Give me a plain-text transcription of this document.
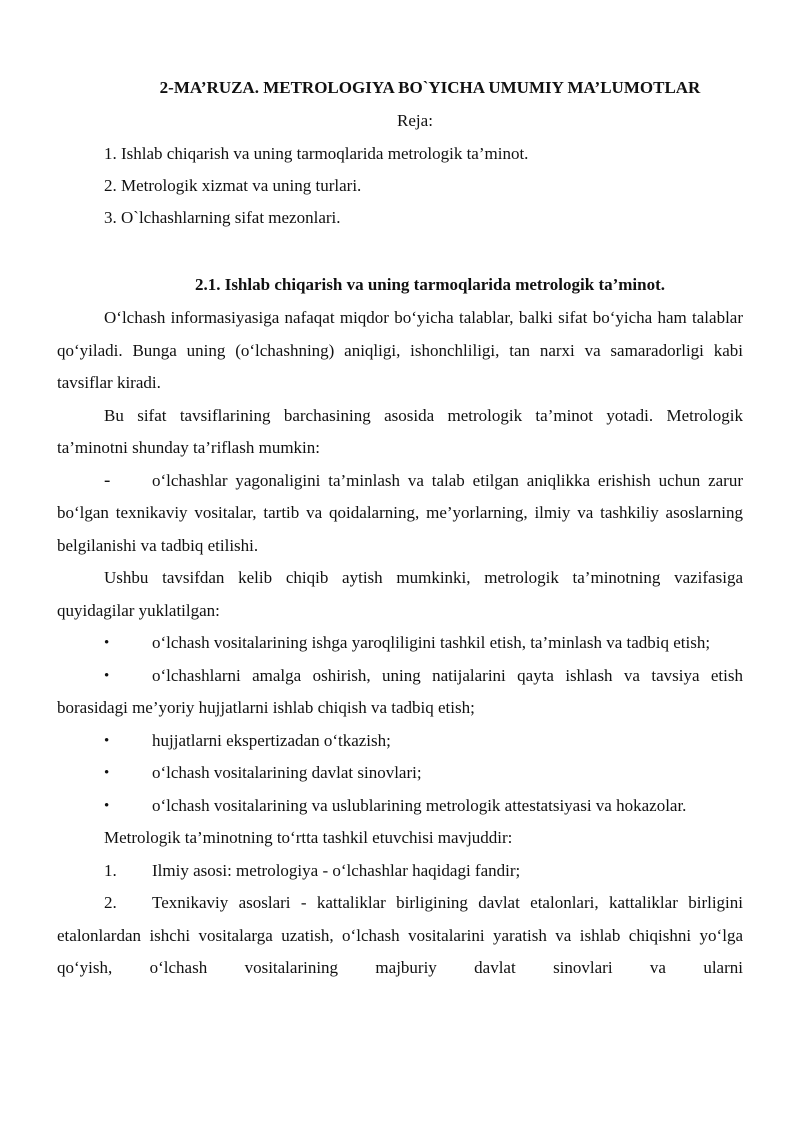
2-MA’RUZA. METROLOGIYA BO`YICHA UMUMIY MA’LUMOTLAR
Reja:
1. Ishlab chiqarish va uning tarmoqlarida metrologik ta’minot.
2. Metrologik xizmat va uning turlari.
3. O`lchashlarning sifat mezonlari.
2.1. Ishlab chiqarish va uning tarmoqlarida metrologik ta’minot.

O‘lchash informasiyasiga nafaqat miqdor bo‘yicha talablar, balki sifat bo‘yicha ham talablar qo‘yiladi. Bunga uning (o‘lchashning) aniqligi, ishonchliligi, tan narxi va samaradorligi kabi tavsiflar kiradi.

Bu sifat tavsiflarining barchasining asosida metrologik ta’minot yotadi. Metrologik ta’minotni shunday ta’riflash mumkin:

-	o‘lchashlar yagonaligini ta’minlash va talab etilgan aniqlikka erishish uchun zarur bo‘lgan texnikaviy vositalar, tartib va qoidalarning, me’yorlarning, ilmiy va tashkiliy asoslarning belgilanishi va tadbiq etilishi.

Ushbu tavsifdan kelib chiqib aytish mumkinki, metrologik ta’minotning vazifasiga quyidagilar yuklatilgan:

•	o‘lchash vositalarining ishga yaroqliligini tashkil etish, ta’minlash va tadbiq etish;
•	o‘lchashlarni amalga oshirish, uning natijalarini qayta ishlash va tavsiya etish borasidagi me’yoriy hujjatlarni ishlab chiqish va tadbiq etish;
•	hujjatlarni ekspertizadan o‘tkazish;
•	o‘lchash vositalarining davlat sinovlari;
•	o‘lchash vositalarining va uslublarining metrologik attestatsiyasi va hokazolar.

Metrologik ta’minotning to‘rtta tashkil etuvchisi mavjuddir:

1.	Ilmiy asosi: metrologiya - o‘lchashlar haqidagi fandir;
2.	Texnikaviy asoslari - kattaliklar birligining davlat etalonlari, kattaliklar birligini etalonlardan ishchi vositalarga uzatish, o‘lchash vositalarini yaratish va ishlab chiqishni yo‘lga qo‘yish, o‘lchash vositalarining majburiy davlat sinovlari va ularni
